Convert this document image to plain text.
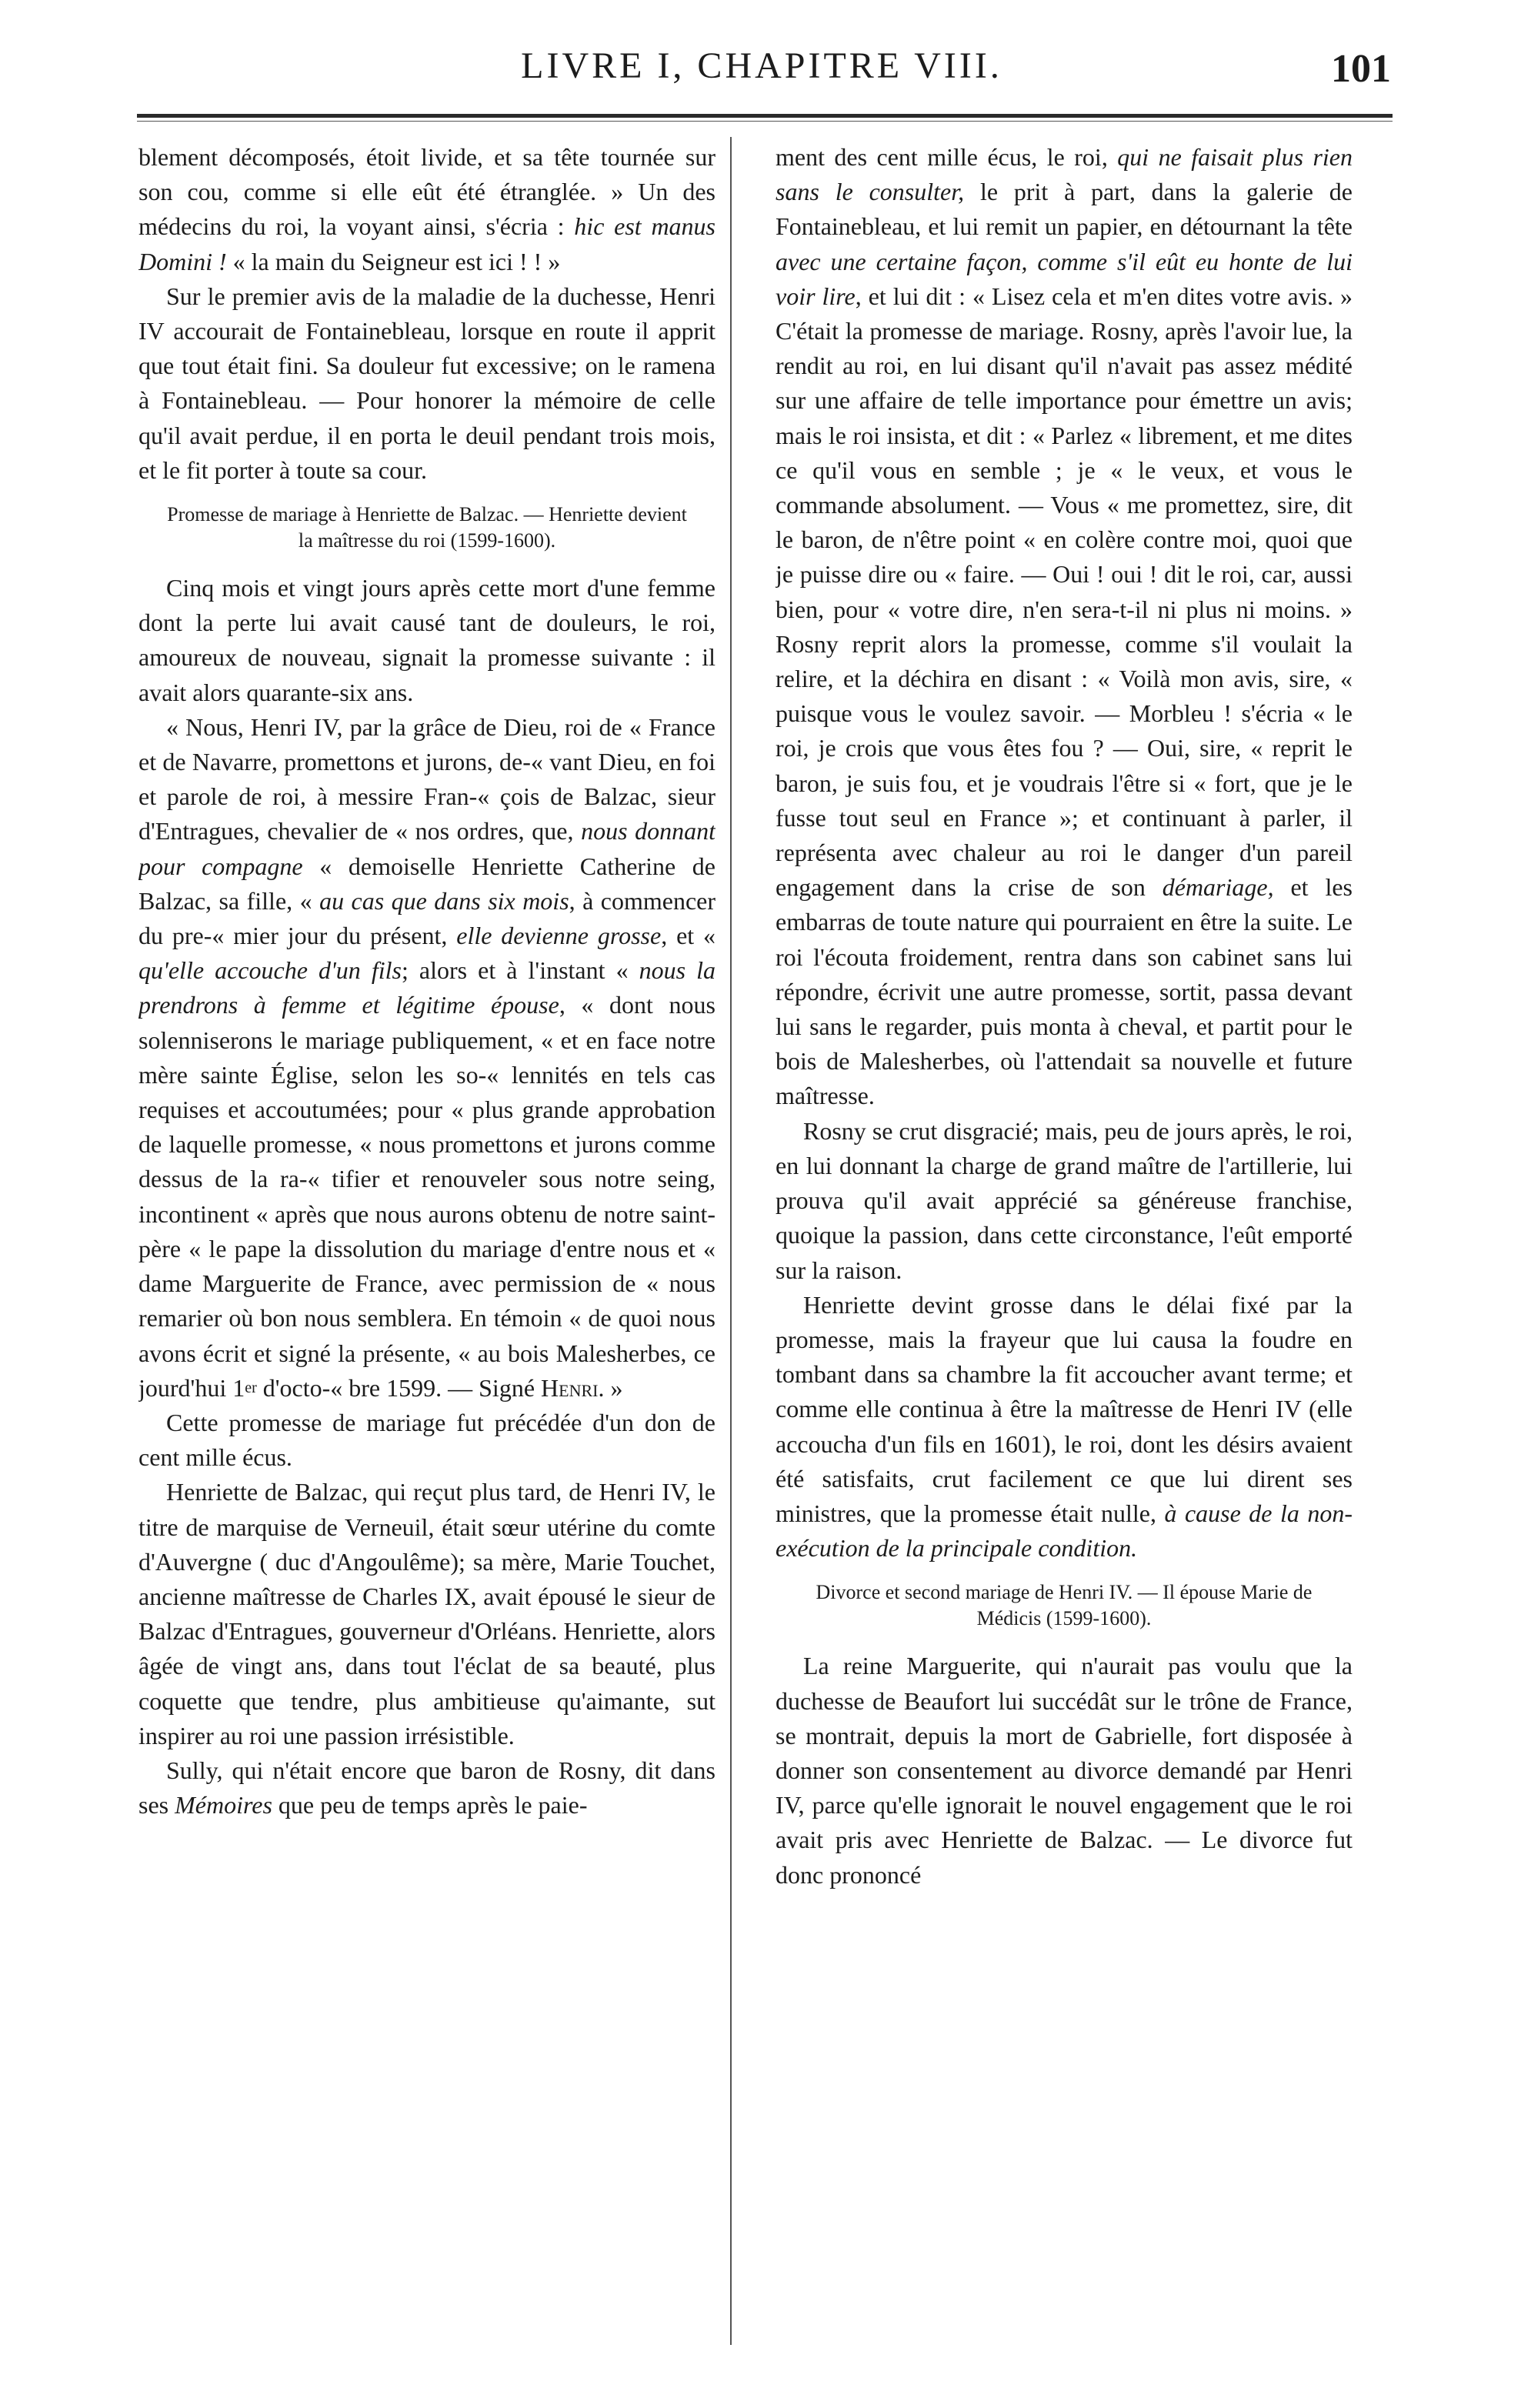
LIVRE I, CHAPITRE VIII.	101

blement décomposés, étoit livide, et sa tête tournée sur son cou, comme si elle eût été étranglée. » Un des médecins du roi, la voyant ainsi, s'écria : hic est manus Domini ! « la main du Seigneur est ici ! ! »

Sur le premier avis de la maladie de la duchesse, Henri IV accourait de Fontainebleau, lorsque en route il apprit que tout était fini. Sa douleur fut excessive; on le ramena à Fontainebleau. — Pour honorer la mémoire de celle qu'il avait perdue, il en porta le deuil pendant trois mois, et le fit porter à toute sa cour.

Promesse de mariage à Henriette de Balzac. — Henriette devient la maîtresse du roi (1599-1600).

Cinq mois et vingt jours après cette mort d'une femme dont la perte lui avait causé tant de douleurs, le roi, amoureux de nouveau, signait la promesse suivante : il avait alors quarante-six ans.

« Nous, Henri IV, par la grâce de Dieu, roi de « France et de Navarre, promettons et jurons, de-« vant Dieu, en foi et parole de roi, à messire Fran-« çois de Balzac, sieur d'Entragues, chevalier de « nos ordres, que, nous donnant pour compagne « demoiselle Henriette Catherine de Balzac, sa fille, « au cas que dans six mois, à commencer du pre-« mier jour du présent, elle devienne grosse, et « qu'elle accouche d'un fils; alors et à l'instant « nous la prendrons à femme et légitime épouse, « dont nous solenniserons le mariage publiquement, « et en face notre mère sainte Église, selon les so-« lennités en tels cas requises et accoutumées; pour « plus grande approbation de laquelle promesse, « nous promettons et jurons comme dessus de la ra-« tifier et renouveler sous notre seing, incontinent « après que nous aurons obtenu de notre saint-père « le pape la dissolution du mariage d'entre nous et « dame Marguerite de France, avec permission de « nous remarier où bon nous semblera. En témoin « de quoi nous avons écrit et signé la présente, « au bois Malesherbes, ce jourd'hui 1er d'octo-« bre 1599. — Signé Henri. »

Cette promesse de mariage fut précédée d'un don de cent mille écus.

Henriette de Balzac, qui reçut plus tard, de Henri IV, le titre de marquise de Verneuil, était sœur utérine du comte d'Auvergne ( duc d'Angoulême); sa mère, Marie Touchet, ancienne maîtresse de Charles IX, avait épousé le sieur de Balzac d'Entragues, gouverneur d'Orléans. Henriette, alors âgée de vingt ans, dans tout l'éclat de sa beauté, plus coquette que tendre, plus ambitieuse qu'aimante, sut inspirer au roi une passion irrésistible.

Sully, qui n'était encore que baron de Rosny, dit dans ses Mémoires que peu de temps après le paie-

ment des cent mille écus, le roi, qui ne faisait plus rien sans le consulter, le prit à part, dans la galerie de Fontainebleau, et lui remit un papier, en détournant la tête avec une certaine façon, comme s'il eût eu honte de lui voir lire, et lui dit : « Lisez cela et m'en dites votre avis. » C'était la promesse de mariage. Rosny, après l'avoir lue, la rendit au roi, en lui disant qu'il n'avait pas assez médité sur une affaire de telle importance pour émettre un avis; mais le roi insista, et dit : « Parlez « librement, et me dites ce qu'il vous en semble ; je « le veux, et vous le commande absolument. — Vous « me promettez, sire, dit le baron, de n'être point « en colère contre moi, quoi que je puisse dire ou « faire. — Oui ! oui ! dit le roi, car, aussi bien, pour « votre dire, n'en sera-t-il ni plus ni moins. » Rosny reprit alors la promesse, comme s'il voulait la relire, et la déchira en disant : « Voilà mon avis, sire, « puisque vous le voulez savoir. — Morbleu ! s'écria « le roi, je crois que vous êtes fou ? — Oui, sire, « reprit le baron, je suis fou, et je voudrais l'être si « fort, que je le fusse tout seul en France »; et continuant à parler, il représenta avec chaleur au roi le danger d'un pareil engagement dans la crise de son démariage, et les embarras de toute nature qui pourraient en être la suite. Le roi l'écouta froidement, rentra dans son cabinet sans lui répondre, écrivit une autre promesse, sortit, passa devant lui sans le regarder, puis monta à cheval, et partit pour le bois de Malesherbes, où l'attendait sa nouvelle et future maîtresse.

Rosny se crut disgracié; mais, peu de jours après, le roi, en lui donnant la charge de grand maître de l'artillerie, lui prouva qu'il avait apprécié sa généreuse franchise, quoique la passion, dans cette circonstance, l'eût emporté sur la raison.

Henriette devint grosse dans le délai fixé par la promesse, mais la frayeur que lui causa la foudre en tombant dans sa chambre la fit accoucher avant terme; et comme elle continua à être la maîtresse de Henri IV (elle accoucha d'un fils en 1601), le roi, dont les désirs avaient été satisfaits, crut facilement ce que lui dirent ses ministres, que la promesse était nulle, à cause de la non-exécution de la principale condition.

Divorce et second mariage de Henri IV. — Il épouse Marie de Médicis (1599-1600).

La reine Marguerite, qui n'aurait pas voulu que la duchesse de Beaufort lui succédât sur le trône de France, se montrait, depuis la mort de Gabrielle, fort disposée à donner son consentement au divorce demandé par Henri IV, parce qu'elle ignorait le nouvel engagement que le roi avait pris avec Henriette de Balzac. — Le divorce fut donc prononcé
